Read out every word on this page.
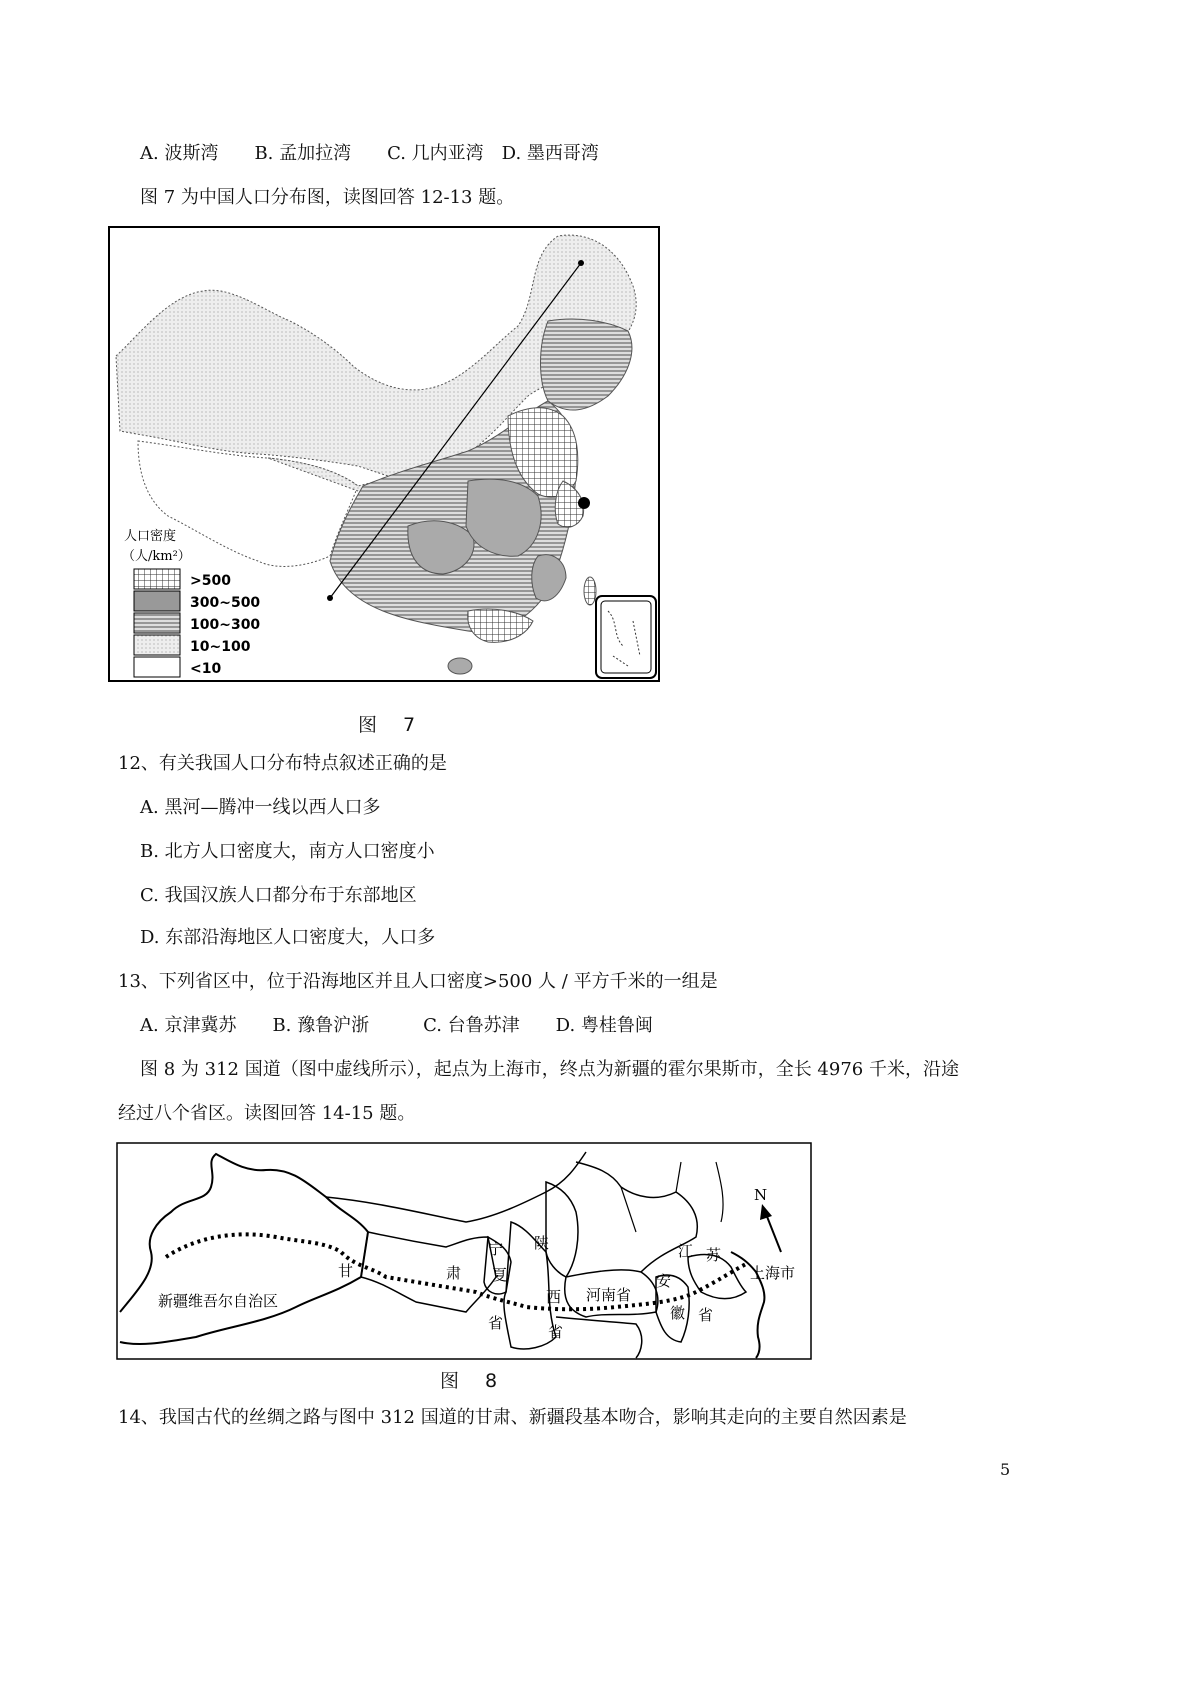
A. 波斯湾　　B. 孟加拉湾　　C. 几内亚湾　D. 墨西哥湾
图 7 为中国人口分布图，读图回答 12-13 题。
人口密度
（人/km²）
>500
300~500
100~300
10~100
<10
图 7
12、有关我国人口分布特点叙述正确的是
A. 黑河—腾冲一线以西人口多
B. 北方人口密度大，南方人口密度小
C. 我国汉族人口都分布于东部地区
D. 东部沿海地区人口密度大，人口多
13、下列省区中，位于沿海地区并且人口密度>500 人 / 平方千米的一组是
A. 京津冀苏　　B. 豫鲁沪浙　　　C. 台鲁苏津　　D. 粤桂鲁闽
图 8 为 312 国道（图中虚线所示），起点为上海市，终点为新疆的霍尔果斯市，全长 4976 千米，沿途
经过八个省区。读图回答 14-15 题。
N
新疆维吾尔自治区
甘	肃
省
宁
夏
陕
西
省
河南省
江 苏
安
徽 省
上海市
图 8
14、我国古代的丝绸之路与图中 312 国道的甘肃、新疆段基本吻合，影响其走向的主要自然因素是
5
